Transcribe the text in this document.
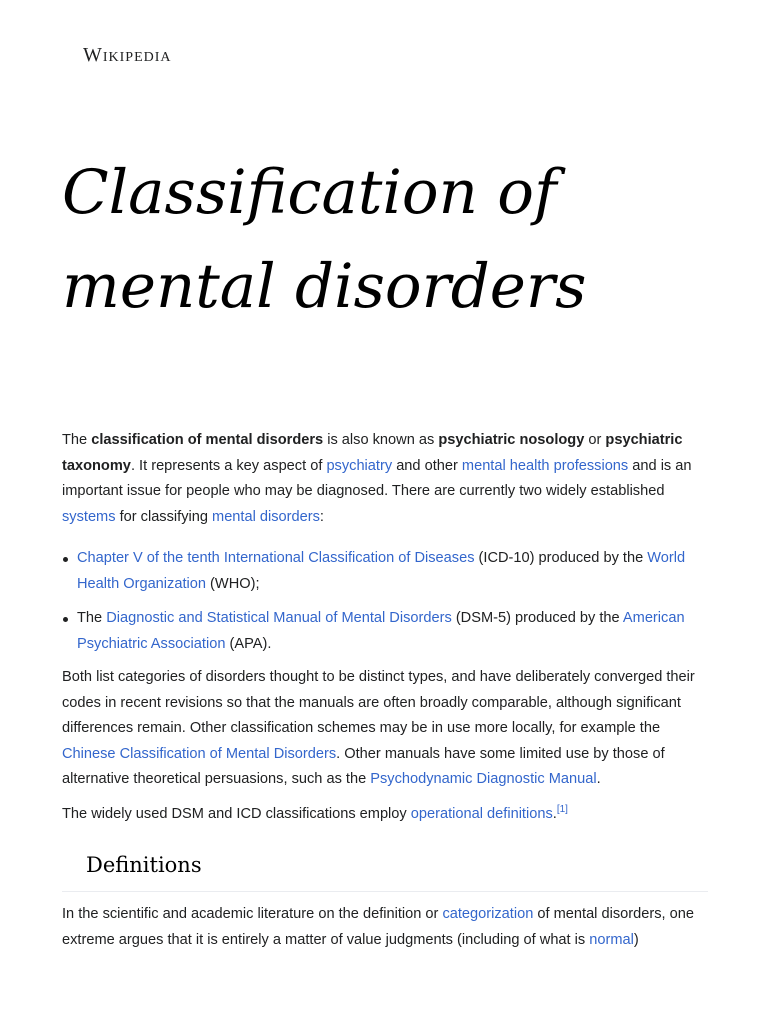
Wikipedia
Classification of mental disorders

The classification of mental disorders is also known as psychiatric nosology or psychiatric taxonomy. It represents a key aspect of psychiatry and other mental health professions and is an important issue for people who may be diagnosed. There are currently two widely established systems for classifying mental disorders:

Chapter V of the tenth International Classification of Diseases (ICD-10) produced by the World Health Organization (WHO);
The Diagnostic and Statistical Manual of Mental Disorders (DSM-5) produced by the American Psychiatric Association (APA).

Both list categories of disorders thought to be distinct types, and have deliberately converged their codes in recent revisions so that the manuals are often broadly comparable, although significant differences remain. Other classification schemes may be in use more locally, for example the Chinese Classification of Mental Disorders. Other manuals have some limited use by those of alternative theoretical persuasions, such as the Psychodynamic Diagnostic Manual.

The widely used DSM and ICD classifications employ operational definitions.[1]

Definitions

In the scientific and academic literature on the definition or categorization of mental disorders, one extreme argues that it is entirely a matter of value judgments (including of what is normal)
